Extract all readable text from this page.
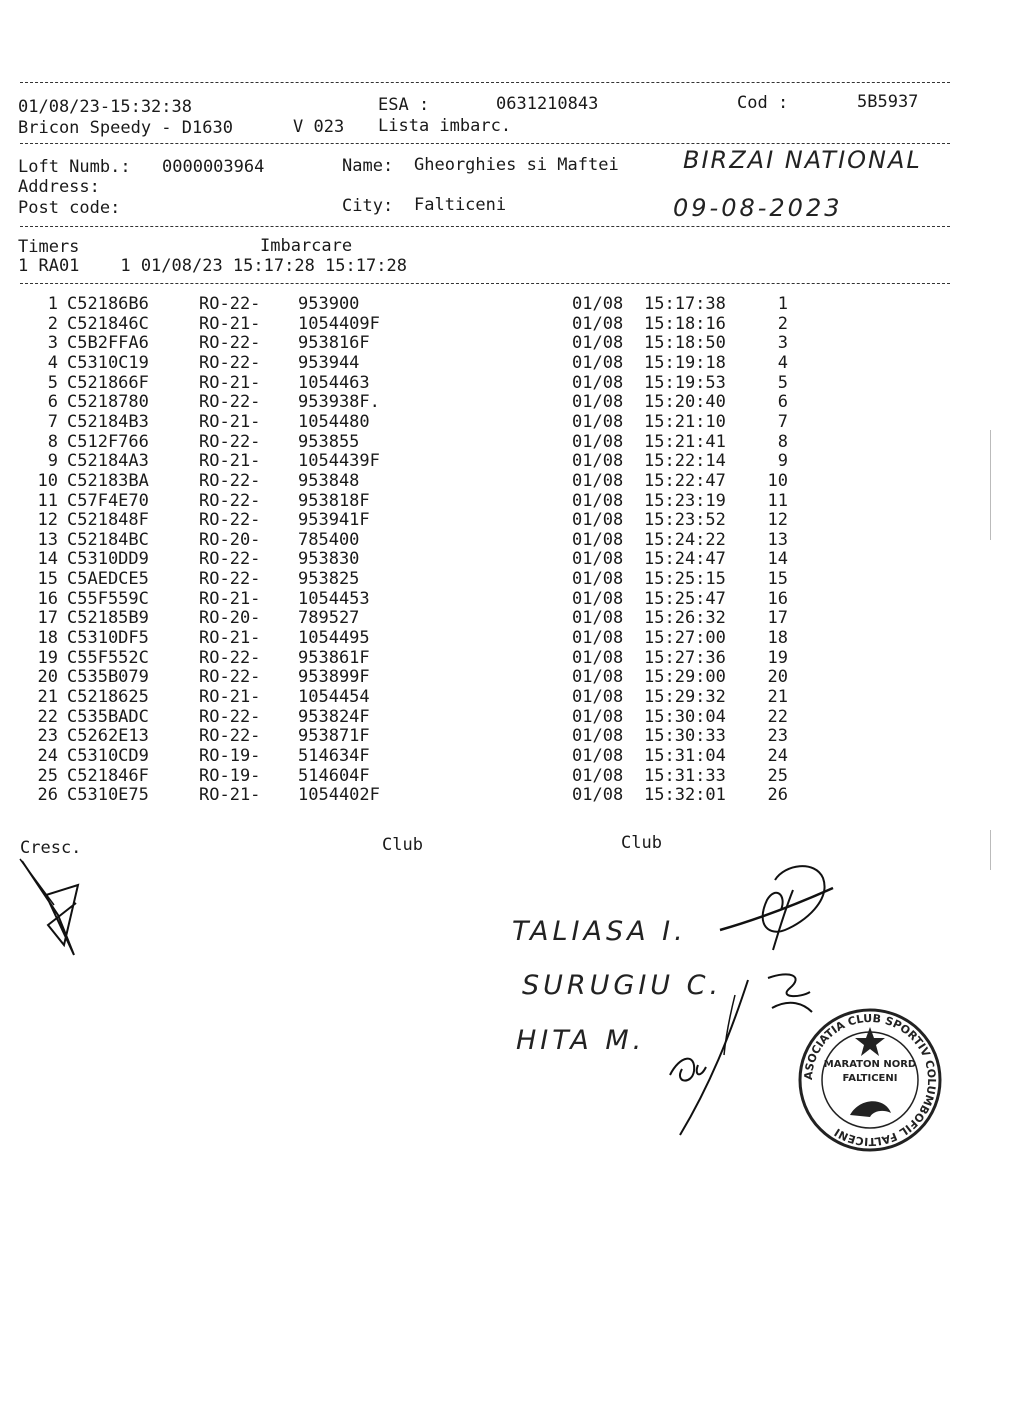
01/08/23-15:32:38	ESA :	0631210843	Cod :	5B5937
Bricon Speedy - D1630	V 023 Lista imbarc.
Loft Numb.: 0000003964	Name: Gheorghies si Maftei	BIRZAI NATIONAL
Address:
Post code:	City: Falticeni	09-08-2023
Timers	Imbarcare
1 RA01    1 01/08/23 15:17:28 15:17:28
1 C52186B6	RO-22- 953900	01/08 15:17:38	1
2 C521846C	RO-21- 1054409F	01/08 15:18:16	2
3 C5B2FFA6	RO-22- 953816F	01/08 15:18:50	3
4 C5310C19	RO-22- 953944	01/08 15:19:18	4
5 C521866F	RO-21- 1054463	01/08 15:19:53	5
6 C5218780	RO-22- 953938F.	01/08 15:20:40	6
7 C52184B3	RO-21- 1054480	01/08 15:21:10	7
8 C512F766	RO-22- 953855	01/08 15:21:41	8
9 C52184A3	RO-21- 1054439F	01/08 15:22:14	9
10 C52183BA	RO-22- 953848	01/08 15:22:47	10
11 C57F4E70	RO-22- 953818F	01/08 15:23:19	11
12 C521848F	RO-22- 953941F	01/08 15:23:52	12
13 C52184BC	RO-20- 785400	01/08 15:24:22	13
14 C5310DD9	RO-22- 953830	01/08 15:24:47	14
15 C5AEDCE5	RO-22- 953825	01/08 15:25:15	15
16 C55F559C	RO-21- 1054453	01/08 15:25:47	16
17 C52185B9	RO-20- 789527	01/08 15:26:32	17
18 C5310DF5	RO-21- 1054495	01/08 15:27:00	18
19 C55F552C	RO-22- 953861F	01/08 15:27:36	19
20 C535B079	RO-22- 953899F	01/08 15:29:00	20
21 C5218625	RO-21- 1054454	01/08 15:29:32	21
22 C535BADC	RO-22- 953824F	01/08 15:30:04	22
23 C5262E13	RO-22- 953871F	01/08 15:30:33	23
24 C5310CD9	RO-19- 514634F	01/08 15:31:04	24
25 C521846F	RO-19- 514604F	01/08 15:31:33	25
26 C5310E75	RO-21- 1054402F	01/08 15:32:01	26
Cresc.	Club	Club
TALIASA I.
SURUGIU C.
HITA M.
ASOCIATIA CLUB SPORTIV COLUMBOFIL FALTICENI
MARATON NORD
FALTICENI
